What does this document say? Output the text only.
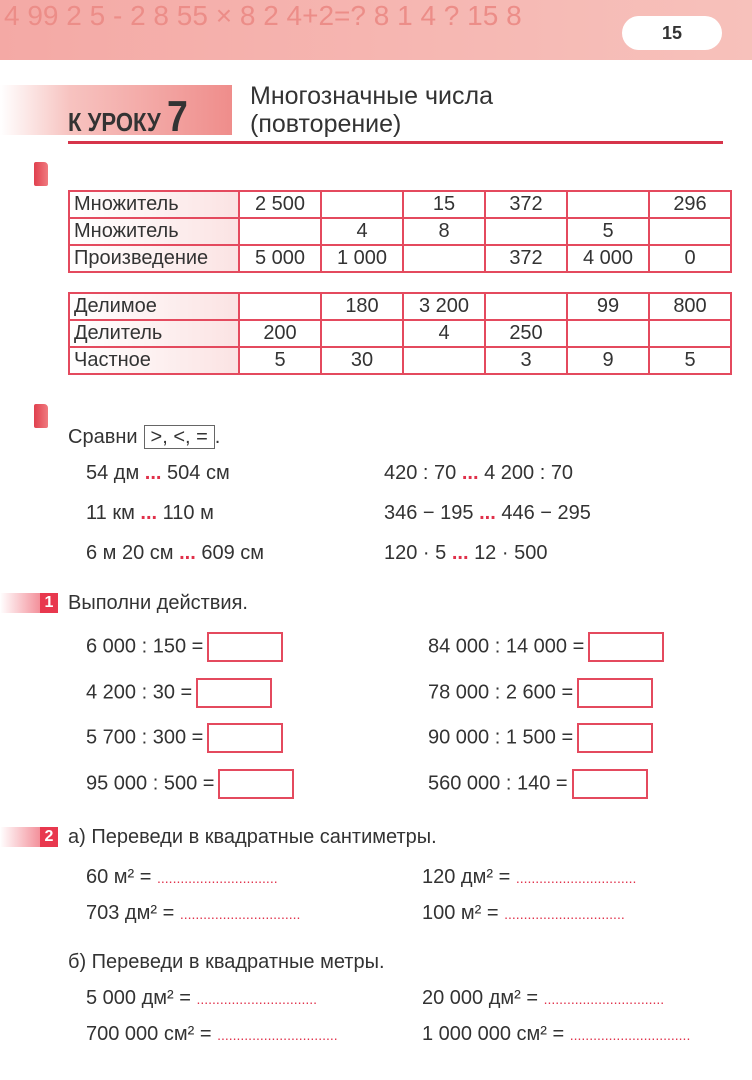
4 99 2 5 - 2 8 55 × 8 2 4+2=? 8 1 4 ? 15 8
15
К УРОКУ 7 Многозначные числа
(повторение)
Множитель	2 500		15	372		296
Множитель		4	8		5	
Произведение	5 000	1 000		372	4 000	0
Делимое		180	3 200		99	800
Делитель	200		4	250		
Частное	5	30		3	9	5
Сравни >, <, = .
54 дм ... 504 см
11 км ... 110 м
6 м 20 см ... 609 см
420 : 70 ... 4 200 : 70
346 − 195 ... 446 − 295
120 · 5 ... 12 · 500
1 Выполни действия.
6 000 : 150 =
4 200 : 30 =
5 700 : 300 =
95 000 : 500 =
84 000 : 14 000 =
78 000 : 2 600 =
90 000 : 1 500 =
560 000 : 140 =
2 а) Переведи в квадратные сантиметры.
б) Переведи в квадратные метры.
60 м² = ...............................	120 дм² = ...............................
703 дм² = ...............................	100 м² = ...............................
5 000 дм² = ...............................	20 000 дм² = ...............................
700 000 см² = ...............................	1 000 000 см² = ...............................
